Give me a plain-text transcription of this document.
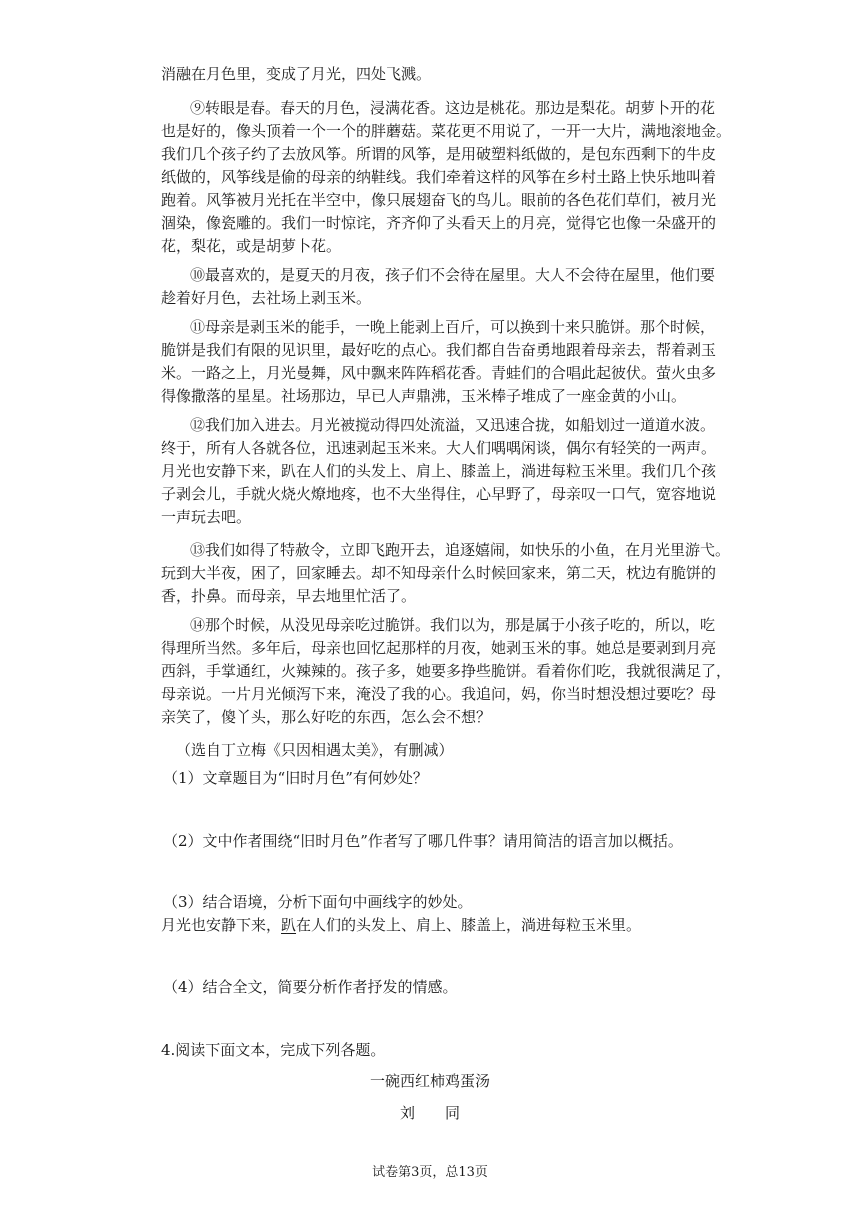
消融在月色里，变成了月光，四处飞溅。
⑨转眼是春。春天的月色，浸满花香。这边是桃花。那边是梨花。胡萝卜开的花
也是好的，像头顶着一个一个的胖蘑菇。菜花更不用说了，一开一大片，满地滚地金。
我们几个孩子约了去放风筝。所谓的风筝，是用破塑料纸做的，是包东西剩下的牛皮
纸做的，风筝线是偷的母亲的纳鞋线。我们牵着这样的风筝在乡村土路上快乐地叫着
跑着。风筝被月光托在半空中，像只展翅奋飞的鸟儿。眼前的各色花们草们，被月光
涸染，像瓷雕的。我们一时惊诧，齐齐仰了头看天上的月亮，觉得它也像一朵盛开的
花，梨花，或是胡萝卜花。
⑩最喜欢的，是夏天的月夜，孩子们不会待在屋里。大人不会待在屋里，他们要
趁着好月色，去社场上剥玉米。
⑪母亲是剥玉米的能手，一晚上能剥上百斤，可以换到十来只脆饼。那个时候，
脆饼是我们有限的见识里，最好吃的点心。我们都自告奋勇地跟着母亲去，帮着剥玉
米。一路之上，月光曼舞，风中飘来阵阵稻花香。青蛙们的合唱此起彼伏。萤火虫多
得像撒落的星星。社场那边，早已人声鼎沸，玉米棒子堆成了一座金黄的小山。
⑫我们加入进去。月光被搅动得四处流溢，又迅速合拢，如船划过一道道水波。
终于，所有人各就各位，迅速剥起玉米来。大人们喁喁闲谈，偶尔有轻笑的一两声。
月光也安静下来，趴在人们的头发上、肩上、膝盖上，淌进每粒玉米里。我们几个孩
子剥会儿，手就火烧火燎地疼，也不大坐得住，心早野了，母亲叹一口气，宽容地说
一声玩去吧。
⑬我们如得了特赦令，立即飞跑开去，追逐嬉闹，如快乐的小鱼，在月光里游弋。
玩到大半夜，困了，回家睡去。却不知母亲什么时候回家来，第二天，枕边有脆饼的
香，扑鼻。而母亲，早去地里忙活了。
⑭那个时候，从没见母亲吃过脆饼。我们以为，那是属于小孩子吃的，所以，吃
得理所当然。多年后，母亲也回忆起那样的月夜，她剥玉米的事。她总是要剥到月亮
西斜，手掌通红，火辣辣的。孩子多，她要多挣些脆饼。看着你们吃，我就很满足了，
母亲说。一片月光倾泻下来，淹没了我的心。我追问，妈，你当时想没想过要吃？母
亲笑了，傻丫头，那么好吃的东西，怎么会不想？
（选自丁立梅《只因相遇太美》，有删减）
（1）文章题目为“旧时月色”有何妙处？
（2）文中作者围绕“旧时月色”作者写了哪几件事？请用简洁的语言加以概括。
（3）结合语境，分析下面句中画线字的妙处。
月光也安静下来，趴在人们的头发上、肩上、膝盖上，淌进每粒玉米里。
（4）结合全文，简要分析作者抒发的情感。
4.阅读下面文本，完成下列各题。
一碗西红柿鸡蛋汤
刘　　同
试卷第3页，总13页
